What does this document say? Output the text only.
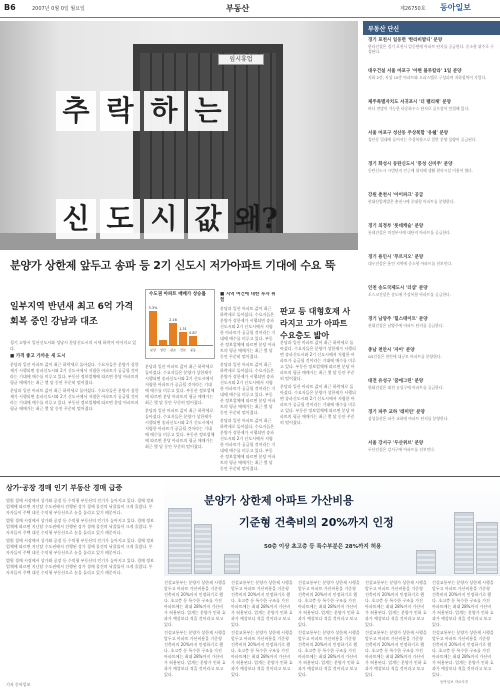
B6	2007년 0월 0일 월요일	부동산	제26750호 동아일보
임시휴업
추 락 하 는
신 도 시 값 왜?
분양가 상한제 앞두고 송파 등 2기 신도시 저가아파트 기대에 수요 뚝
일부지역 반년새 최고 6억 가격 회복 중인 강남과 대조
수도권 아파트 매매가 상승률
3.3%
2.16
1.31
0.87
분당	일산	평촌	산본	중동

경기 고양시 일산신도시와 성남시 분당신도시의 시세 하락이 이어지고 있다.

■ 가격 좋고 가까운 새 도시

분당과 일산 아파트 값이 최근 하락세로 돌아섰다. 수요자들은 분양가 상한제가 시행되면 송파신도시와 2기 신도시에서 저렴한 아파트가 공급될 것이라는 기대에 매수를 미루고 있다. 부동산 정보업체에 따르면 분당 아파트의 평균 매매가는 최근 몇 달 동안 꾸준히 떨어졌다.

분당과 일산 아파트 값이 최근 하락세로 돌아섰다. 수요자들은 분양가 상한제가 시행되면 송파신도시와 2기 신도시에서 저렴한 아파트가 공급될 것이라는 기대에 매수를 미루고 있다. 부동산 정보업체에 따르면 분당 아파트의 평균 매매가는 최근 몇 달 동안 꾸준히 떨어졌다.

분당과 일산 아파트 값이 최근 하락세로 돌아섰다. 수요자들은 분양가 상한제가 시행되면 송파신도시와 2기 신도시에서 저렴한 아파트가 공급될 것이라는 기대에 매수를 미루고 있다. 부동산 정보업체에 따르면 분당 아파트의 평균 매매가는 최근 몇 달 동안 꾸준히 떨어졌다.

분당과 일산 아파트 값이 최근 하락세로 돌아섰다. 수요자들은 분양가 상한제가 시행되면 송파신도시와 2기 신도시에서 저렴한 아파트가 공급될 것이라는 기대에 매수를 미루고 있다. 부동산 정보업체에 따르면 분당 아파트의 평균 매매가는 최근 몇 달 동안 꾸준히 떨어졌다.

■ 지역 여건에 대한 투자 위험

분당과 일산 아파트 값이 최근 하락세로 돌아섰다. 수요자들은 분양가 상한제가 시행되면 송파신도시와 2기 신도시에서 저렴한 아파트가 공급될 것이라는 기대에 매수를 미루고 있다. 부동산 정보업체에 따르면 분당 아파트의 평균 매매가는 최근 몇 달 동안 꾸준히 떨어졌다.

분당과 일산 아파트 값이 최근 하락세로 돌아섰다. 수요자들은 분양가 상한제가 시행되면 송파신도시와 2기 신도시에서 저렴한 아파트가 공급될 것이라는 기대에 매수를 미루고 있다. 부동산 정보업체에 따르면 분당 아파트의 평균 매매가는 최근 몇 달 동안 꾸준히 떨어졌다.

분당과 일산 아파트 값이 최근 하락세로 돌아섰다. 수요자들은 분양가 상한제가 시행되면 송파신도시와 2기 신도시에서 저렴한 아파트가 공급될 것이라는 기대에 매수를 미루고 있다. 부동산 정보업체에 따르면 분당 아파트의 평균 매매가는 최근 몇 달 동안 꾸준히 떨어졌다.

판교 등 대형호재 사라지고 고가 아파트 수요층도 밟아

분당과 일산 아파트 값이 최근 하락세로 돌아섰다. 수요자들은 분양가 상한제가 시행되면 송파신도시와 2기 신도시에서 저렴한 아파트가 공급될 것이라는 기대에 매수를 미루고 있다. 부동산 정보업체에 따르면 분당 아파트의 평균 매매가는 최근 몇 달 동안 꾸준히 떨어졌다.

분당과 일산 아파트 값이 최근 하락세로 돌아섰다. 수요자들은 분양가 상한제가 시행되면 송파신도시와 2기 신도시에서 저렴한 아파트가 공급될 것이라는 기대에 매수를 미루고 있다. 부동산 정보업체에 따르면 분당 아파트의 평균 매매가는 최근 몇 달 동안 꾸준히 떨어졌다.

부동산 단신
경기 포천시 일동면 '한라비발디' 분양
한라건설은 경기 포천시 일동면에 아파트 단지를 공급한다. 중소형 위주로 구성된다.
대우건설 서울 마포구 '아현 블루칼라' 1일 분양
지하 2층, 지상 15층 아파트와 오피스텔로 구성되며 지하철역이 가깝다.
제주특별자치도 서귀포시 '더 펠리체' 분양
바다 전망이 가능한 타운하우스 단지로 골프장이 인접해 있다.
서울 마포구 성산동 주상복합 '유쉘' 분양
성산동 일대에 들어서는 주상복합으로 일반 분양 물량이 공급된다.
경기 화성시 동탄신도시 '풍성 신미주' 분양
동탄신도시 시범단지 인근에 위치해 생활 편의시설 이용이 쉽다.
강원 춘천시 '아이파크' 공급
현대산업개발은 춘천시에 중대형 아파트를 분양한다.
경기 의정부 '롯데캐슬' 분양
롯데건설은 의정부시에 대단지 아파트를 공급한다.
경기 용인시 '푸르지오' 분양
대우건설은 용인 지역에 중소형 아파트를 선보인다.
인천 송도국제도시 '더샵' 분양
포스코건설은 송도에 주상복합 아파트를 공급한다.
경기 남양주 '힐스테이트' 분양
현대건설은 남양주에 아파트 단지를 공급한다.
충남 천안시 '자이' 분양
GS건설은 천안에 대규모 아파트를 분양한다.
대전 유성구 '꿈에그린' 분양
한화건설은 대전 유성구에 아파트를 공급한다.
경기 파주 교하 '래미안' 분양
삼성물산은 파주 교하에 아파트 단지를 분양한다.
서울 강서구 '두산위브' 분양
두산건설은 강서구에 아파트를 선보인다.
상가·공장 경매 인기 부동산 경매 급증

법원 경매 시장에서 상가와 공장 등 수익형 부동산의 인기가 높아지고 있다. 경매 정보업체에 따르면 지난달 수도권에서 진행된 상가 경매 물건의 낙찰률이 크게 올랐다. 투자자들이 주택 대신 수익형 부동산으로 눈을 돌리고 있기 때문이다.

법원 경매 시장에서 상가와 공장 등 수익형 부동산의 인기가 높아지고 있다. 경매 정보업체에 따르면 지난달 수도권에서 진행된 상가 경매 물건의 낙찰률이 크게 올랐다. 투자자들이 주택 대신 수익형 부동산으로 눈을 돌리고 있기 때문이다.

법원 경매 시장에서 상가와 공장 등 수익형 부동산의 인기가 높아지고 있다. 경매 정보업체에 따르면 지난달 수도권에서 진행된 상가 경매 물건의 낙찰률이 크게 올랐다. 투자자들이 주택 대신 수익형 부동산으로 눈을 돌리고 있기 때문이다.

법원 경매 시장에서 상가와 공장 등 수익형 부동산의 인기가 높아지고 있다. 경매 정보업체에 따르면 지난달 수도권에서 진행된 상가 경매 물건의 낙찰률이 크게 올랐다. 투자자들이 주택 대신 수익형 부동산으로 눈을 돌리고 있기 때문이다.

기자 동아일보
분양가 상한제 아파트 가산비용
기준형 건축비의 20%까지 인정
50층 이상 초고층 등 특수부분은 28%까지 허용

건설교통부는 분양가 상한제 시행을 앞두고 아파트 가산비용을 기준형 건축비의 20%까지 인정하기로 했다. 초고층 등 특수한 구조를 가진 아파트에는 최대 28%까지 가산비가 허용된다. 업계는 분양가 인하 효과가 예상보다 적을 것이라고 보고 있다.

건설교통부는 분양가 상한제 시행을 앞두고 아파트 가산비용을 기준형 건축비의 20%까지 인정하기로 했다. 초고층 등 특수한 구조를 가진 아파트에는 최대 28%까지 가산비가 허용된다. 업계는 분양가 인하 효과가 예상보다 적을 것이라고 보고 있다.

건설교통부는 분양가 상한제 시행을 앞두고 아파트 가산비용을 기준형 건축비의 20%까지 인정하기로 했다. 초고층 등 특수한 구조를 가진 아파트에는 최대 28%까지 가산비가 허용된다. 업계는 분양가 인하 효과가 예상보다 적을 것이라고 보고 있다.

건설교통부는 분양가 상한제 시행을 앞두고 아파트 가산비용을 기준형 건축비의 20%까지 인정하기로 했다. 초고층 등 특수한 구조를 가진 아파트에는 최대 28%까지 가산비가 허용된다. 업계는 분양가 인하 효과가 예상보다 적을 것이라고 보고 있다.

건설교통부는 분양가 상한제 시행을 앞두고 아파트 가산비용을 기준형 건축비의 20%까지 인정하기로 했다. 초고층 등 특수한 구조를 가진 아파트에는 최대 28%까지 가산비가 허용된다. 업계는 분양가 인하 효과가 예상보다 적을 것이라고 보고 있다.

건설교통부는 분양가 상한제 시행을 앞두고 아파트 가산비용을 기준형 건축비의 20%까지 인정하기로 했다. 초고층 등 특수한 구조를 가진 아파트에는 최대 28%까지 가산비가 허용된다. 업계는 분양가 인하 효과가 예상보다 적을 것이라고 보고 있다.

건설교통부는 분양가 상한제 시행을 앞두고 아파트 가산비용을 기준형 건축비의 20%까지 인정하기로 했다. 초고층 등 특수한 구조를 가진 아파트에는 최대 28%까지 가산비가 허용된다. 업계는 분양가 인하 효과가 예상보다 적을 것이라고 보고 있다.

건설교통부는 분양가 상한제 시행을 앞두고 아파트 가산비용을 기준형 건축비의 20%까지 인정하기로 했다. 초고층 등 특수한 구조를 가진 아파트에는 최대 28%까지 가산비가 허용된다. 업계는 분양가 인하 효과가 예상보다 적을 것이라고 보고 있다.

건설교통부는 분양가 상한제 시행을 앞두고 아파트 가산비용을 기준형 건축비의 20%까지 인정하기로 했다. 초고층 등 특수한 구조를 가진 아파트에는 최대 28%까지 가산비가 허용된다. 업계는 분양가 인하 효과가 예상보다 적을 것이라고 보고 있다.

건설교통부는 분양가 상한제 시행을 앞두고 아파트 가산비용을 기준형 건축비의 20%까지 인정하기로 했다. 초고층 등 특수한 구조를 가진 아파트에는 최대 28%까지 가산비가 허용된다. 업계는 분양가 인하 효과가 예상보다 적을 것이라고 보고 있다.

동아일보 자료사진
